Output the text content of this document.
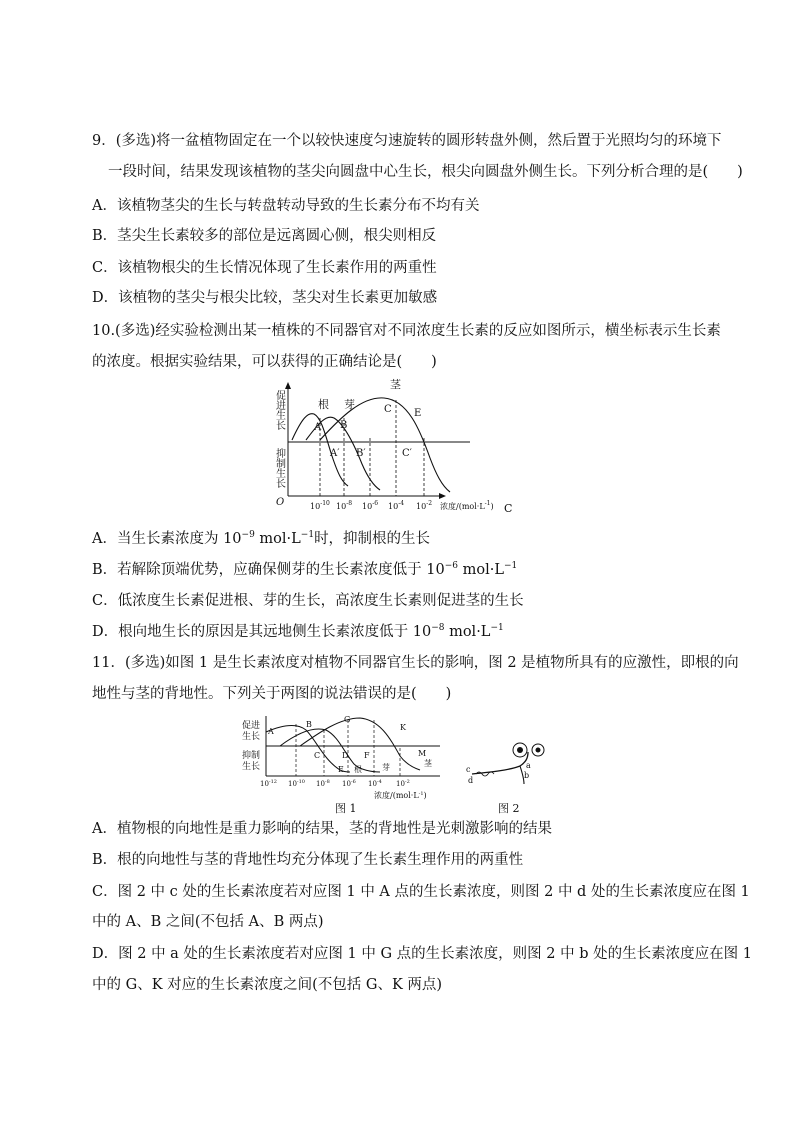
9．(多选)将一盆植物固定在一个以较快速度匀速旋转的圆形转盘外侧，然后置于光照均匀的环境下
一段时间，结果发现该植物的茎尖向圆盘中心生长，根尖向圆盘外侧生长。下列分析合理的是(　　)
A．该植物茎尖的生长与转盘转动导致的生长素分布不均有关
B．茎尖生长素较多的部位是远离圆心侧，根尖则相反
C．该植物根尖的生长情况体现了生长素作用的两重性
D．该植物的茎尖与根尖比较，茎尖对生长素更加敏感
10.(多选)经实验检测出某一植株的不同器官对不同浓度生长素的反应如图所示，横坐标表示生长素
的浓度。根据实验结果，可以获得的正确结论是(　　)
促进生长
抑制生长
O
根 芽
茎
A B
C E
A′ B′	C′
$10^{-10}$ $10^{-8}$ $10^{-6}$ $10^{-4}$ $10^{-2}$ 浓度$/(mol\cdot L^{-1})$ C
A．当生长素浓度为 $10^{-9}$ $mol\cdot L^{-1}$时，抑制根的生长
B．若解除顶端优势，应确保侧芽的生长素浓度低于 $10^{-6}$ $mol\cdot L^{-1}$
C．低浓度生长素促进根、芽的生长，高浓度生长素则促进茎的生长
D．根向地生长的原因是其远地侧生长素浓度低于 $10^{-8}$ $mol\cdot L^{-1}$
11．(多选)如图 1 是生长素浓度对植物不同器官生长的影响，图 2 是植物所具有的应激性，即根的向
地性与茎的背地性。下列关于两图的说法错误的是(　　)
促进
生长
抑制
生长
A
B
C	D
E
F
G
K
M
根	芽	茎
$10^{-12}$ $10^{-10}$ $10^{-8}$ $10^{-6}$ $10^{-4}$ $10^{-2}$
浓度$/(mol\cdot L^{-1})$
图 1
a
b
c
d
图 2
A．植物根的向地性是重力影响的结果，茎的背地性是光刺激影响的结果
B．根的向地性与茎的背地性均充分体现了生长素生理作用的两重性
C．图 2 中 c 处的生长素浓度若对应图 1 中 A 点的生长素浓度，则图 2 中 d 处的生长素浓度应在图 1
中的 A、B 之间(不包括 A、B 两点)
D．图 2 中 a 处的生长素浓度若对应图 1 中 G 点的生长素浓度，则图 2 中 b 处的生长素浓度应在图 1
中的 G、K 对应的生长素浓度之间(不包括 G、K 两点)
